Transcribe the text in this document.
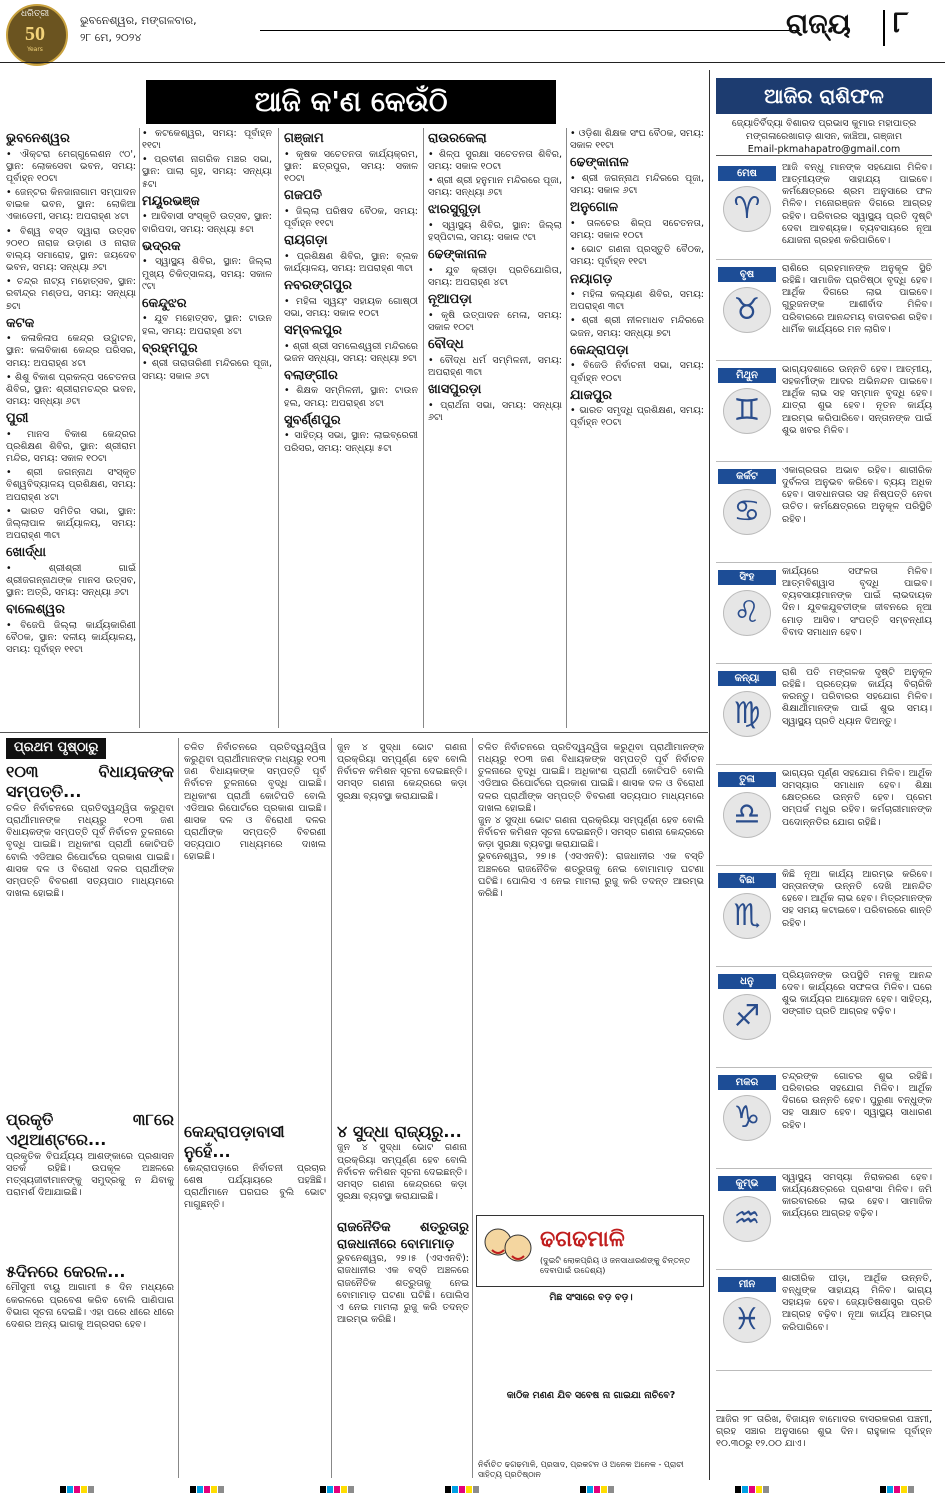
ଧରିତ୍ରୀ
50
Years
ଭୁବନେଶ୍ୱର, ମଙ୍ଗଳବାର,
୨୮ ମେ, ୨୦୨୪	ରାଜ୍ୟ ୮
ଆଜି କ'ଣ କେଉଁଠି
ଭୁବନେଶ୍ୱର
• ଐକ୍ଟରା ମେଗ୍ଗୁଲେଶନ ୯ଠ', ସ୍ଥାନ: ଲୋକସେବା ଭବନ, ସମୟ: ପୂର୍ବାହ୍ନ ୧୦ଟା
• ଜେନ୍ଟର କିନଜାନାଗାମ ସମ୍ପାଦନ ବାଇକ ଭବନ, ସ୍ଥାନ: ଲୋକିଆ ଏକାଡେମୀ, ସମୟ: ଅପରାହ୍ଣ ୪ଟା
• ବିଶ୍ୱ ବସ୍ତ ଦ୍ୱାରା ଉତ୍ସବ ୨୦୧୦ ନାରାଜ ଉଡ଼ାଣ ଓ ନାରାଜ ବାଲ୍ୟ ସମାରୋହ, ସ୍ଥାନ: ଜୟଦେବ ଭବନ, ସମୟ: ସନ୍ଧ୍ୟା ୬ଟା
• ଚନ୍ଦ୍ର ନାଟ୍ୟ ମହୋତ୍ସବ, ସ୍ଥାନ: ରବୀନ୍ଦ୍ର ମଣ୍ଡପ, ସମୟ: ସନ୍ଧ୍ୟା ୭ଟା
କଟକ
• କଳାକିଳାପ କେନ୍ଦ୍ର ଉଦ୍ଘାଟନ, ସ୍ଥାନ: କଳାବିକାଶ କେନ୍ଦ୍ର ପରିସର, ସମୟ: ଅପରାହ୍ଣ ୪ଟା
• ଶିଶୁ ବିକାଶ ପ୍ରକଳ୍ପ ସଚେତନତା ଶିବିର, ସ୍ଥାନ: ଶ୍ରୀରାମଚନ୍ଦ୍ର ଭବନ, ସମୟ: ସନ୍ଧ୍ୟା ୬ଟା
ପୁରୀ
• ମାନସ ବିକାଶ କେନ୍ଦ୍ରର ପ୍ରଶିକ୍ଷଣ ଶିବିର, ସ୍ଥାନ: ଶ୍ରୀରାମ ମନ୍ଦିର, ସମୟ: ସକାଳ ୧୦ଟା
• ଶ୍ରୀ ଜଗନ୍ନାଥ ସଂସ୍କୃତ ବିଶ୍ୱବିଦ୍ୟାଳୟ ପ୍ରଶିକ୍ଷଣ, ସମୟ: ଅପରାହ୍ଣ ୪ଟା
• ଭାରତ ସମିତିର ସଭା, ସ୍ଥାନ: ଜିଲ୍ଲାପାଳ କାର୍ଯ୍ୟାଳୟ, ସମୟ: ଅପରାହ୍ଣ ୩ଟା
ଖୋର୍ଦ୍ଧା
• ଶ୍ରୀଶ୍ରୀ ଗାଇଁ ଶ୍ରୀଜଗନ୍ନାଥଙ୍କ ମାନସ ଉତ୍ସବ, ସ୍ଥାନ: ଅତ୍ରି, ସମୟ: ସନ୍ଧ୍ୟା ୬ଟା
ବାଲେଶ୍ୱର
• ବିଜେପି ଜିଲ୍ଲା କାର୍ଯ୍ୟକାରିଣୀ ବୈଠକ, ସ୍ଥାନ: ଦଳୀୟ କାର୍ଯ୍ୟାଳୟ, ସମୟ: ପୂର୍ବାହ୍ନ ୧୧ଟା
• କଟକେଶ୍ୱର, ସମୟ: ପୂର୍ବାହ୍ନ ୧୧ଟା
• ପ୍ରବୀଣ ନାଗରିକ ମଞ୍ଚର ସଭା, ସ୍ଥାନ: ପାଲା ଗୃହ, ସମୟ: ସନ୍ଧ୍ୟା ୫ଟା
ମୟୂରଭଞ୍ଜ
• ଆଦିବାସୀ ସଂସ୍କୃତି ଉତ୍ସବ, ସ୍ଥାନ: ବାରିପଦା, ସମୟ: ସନ୍ଧ୍ୟା ୫ଟା
ଭଦ୍ରକ
• ସ୍ୱାସ୍ଥ୍ୟ ଶିବିର, ସ୍ଥାନ: ଜିଲ୍ଲା ମୁଖ୍ୟ ଚିକିତ୍ସାଳୟ, ସମୟ: ସକାଳ ୯ଟା
କେନ୍ଦୁଝର
• ଯୁବ ମହୋତ୍ସବ, ସ୍ଥାନ: ଟାଉନ ହଲ, ସମୟ: ଅପରାହ୍ଣ ୪ଟା
ବ୍ରହ୍ମପୁର
• ଶ୍ରୀ ତାରାତାରିଣୀ ମନ୍ଦିରରେ ପୂଜା, ସମୟ: ସକାଳ ୬ଟା
ଗଞ୍ଜାମ
• କୃଷକ ସଚେତନତା କାର୍ଯ୍ୟକ୍ରମ, ସ୍ଥାନ: ଛତ୍ରପୁର, ସମୟ: ସକାଳ ୧୦ଟା
ଗଜପତି
• ଜିଲ୍ଲା ପରିଷଦ ବୈଠକ, ସମୟ: ପୂର୍ବାହ୍ନ ୧୧ଟା
ରାୟଗଡ଼ା
• ପ୍ରଶିକ୍ଷଣ ଶିବିର, ସ୍ଥାନ: ବ୍ଲକ କାର୍ଯ୍ୟାଳୟ, ସମୟ: ଅପରାହ୍ଣ ୩ଟା
ନବରଙ୍ଗପୁର
• ମହିଳା ସ୍ୱୟଂ ସହାୟକ ଗୋଷ୍ଠୀ ସଭା, ସମୟ: ସକାଳ ୧୦ଟା
ସମ୍ବଲପୁର
• ଶ୍ରୀ ଶ୍ରୀ ସମଲେଶ୍ୱରୀ ମନ୍ଦିରରେ ଭଜନ ସନ୍ଧ୍ୟା, ସମୟ: ସନ୍ଧ୍ୟା ୭ଟା
ବଲାଙ୍ଗୀର
• ଶିକ୍ଷକ ସମ୍ମିଳନୀ, ସ୍ଥାନ: ଟାଉନ ହଲ, ସମୟ: ଅପରାହ୍ଣ ୪ଟା
ସୁବର୍ଣ୍ଣପୁର
• ସାହିତ୍ୟ ସଭା, ସ୍ଥାନ: ଲାଇବ୍ରେରୀ ପରିସର, ସମୟ: ସନ୍ଧ୍ୟା ୫ଟା
ରାଉରକେଲା
• ଶିଳ୍ପ ସୁରକ୍ଷା ସଚେତନତା ଶିବିର, ସମୟ: ସକାଳ ୧୦ଟା
• ଶ୍ରୀ ଶ୍ରୀ ହନୁମାନ ମନ୍ଦିରରେ ପୂଜା, ସମୟ: ସନ୍ଧ୍ୟା ୬ଟା
ଝାରସୁଗୁଡ଼ା
• ସ୍ୱାସ୍ଥ୍ୟ ଶିବିର, ସ୍ଥାନ: ଜିଲ୍ଲା ହସ୍ପିଟାଲ, ସମୟ: ସକାଳ ୯ଟା
ଢେଙ୍କାନାଳ
• ଯୁବ କ୍ରୀଡ଼ା ପ୍ରତିଯୋଗିତା, ସମୟ: ଅପରାହ୍ଣ ୪ଟା
ନୂଆପଡ଼ା
• କୃଷି ଉତ୍ପାଦନ ମେଳା, ସମୟ: ସକାଳ ୧୦ଟା
ବୌଦ୍ଧ
• ବୌଦ୍ଧ ଧର୍ମ ସମ୍ମିଳନୀ, ସମୟ: ଅପରାହ୍ଣ ୩ଟା
ଖାସପୁରଡ଼ା
• ପ୍ରାର୍ଥନା ସଭା, ସମୟ: ସନ୍ଧ୍ୟା ୬ଟା
• ଓଡ଼ିଶା ଶିକ୍ଷକ ସଂଘ ବୈଠକ, ସମୟ: ସକାଳ ୧୧ଟା
ଢେଙ୍କାନାଳ
• ଶ୍ରୀ ଜଗନ୍ନାଥ ମନ୍ଦିରରେ ପୂଜା, ସମୟ: ସକାଳ ୬ଟା
ଅନୁଗୋଳ
• ତାଳଚେର ଶିଳ୍ପ ସଚେତନତା, ସମୟ: ସକାଳ ୧୦ଟା
• ଭୋଟ ଗଣନା ପ୍ରସ୍ତୁତି ବୈଠକ, ସମୟ: ପୂର୍ବାହ୍ନ ୧୧ଟା
ନୟାଗଡ଼
• ମହିଳା କଲ୍ୟାଣ ଶିବିର, ସମୟ: ଅପରାହ୍ଣ ୩ଟା
• ଶ୍ରୀ ଶ୍ରୀ ନୀଳମାଧବ ମନ୍ଦିରରେ ଭଜନ, ସମୟ: ସନ୍ଧ୍ୟା ୭ଟା
କେନ୍ଦ୍ରାପଡ଼ା
• ବିଜେଡି ନିର୍ବାଚନୀ ସଭା, ସମୟ: ପୂର୍ବାହ୍ନ ୧୦ଟା
ଯାଜପୁର
• ଭାରତ ସମୃଦ୍ଧି ପ୍ରଶିକ୍ଷଣ, ସମୟ: ପୂର୍ବାହ୍ନ ୧୦ଟା
ପ୍ରଥମ ପୃଷ୍ଠାରୁ
୧୦୩ ବିଧାୟକଙ୍କ ସମ୍ପତ୍ତି...
ଚଳିତ ନିର୍ବାଚନରେ ପ୍ରତିଦ୍ୱନ୍ଦ୍ୱିତା କରୁଥିବା ପ୍ରାର୍ଥୀମାନଙ୍କ ମଧ୍ୟରୁ ୧୦୩ ଜଣ ବିଧାୟକଙ୍କ ସମ୍ପତ୍ତି ପୂର୍ବ ନିର୍ବାଚନ ତୁଳନାରେ ବୃଦ୍ଧି ପାଇଛି। ଅଧିକାଂଶ ପ୍ରାର୍ଥୀ କୋଟିପତି ବୋଲି ଏଡିଆର ରିପୋର୍ଟରେ ପ୍ରକାଶ ପାଇଛି। ଶାସକ ଦଳ ଓ ବିରୋଧୀ ଦଳର ପ୍ରାର୍ଥୀଙ୍କ ସମ୍ପତ୍ତି ବିବରଣୀ ସତ୍ୟପାଠ ମାଧ୍ୟମରେ ଦାଖଲ ହୋଇଛି।
ପ୍ରକୃତି ୩୮ରେ ଏଥିଆଣ୍ଟରେ...
ପ୍ରକୃତିକ ବିପର୍ଯ୍ୟୟ ଆଶଙ୍କାରେ ପ୍ରଶାସନ ସତର୍କ ରହିଛି। ଉପକୂଳ ଅଞ୍ଚଳରେ ମତ୍ସ୍ୟଜୀବୀମାନଙ୍କୁ ସମୁଦ୍ରକୁ ନ ଯିବାକୁ ପରାମର୍ଶ ଦିଆଯାଇଛି।
୫ଦିନରେ କେରଳ...
ମୌସୁମୀ ବାୟୁ ଆଗାମୀ ୫ ଦିନ ମଧ୍ୟରେ କେରଳରେ ପ୍ରବେଶ କରିବ ବୋଲି ପାଣିପାଗ ବିଭାଗ ସୂଚନା ଦେଇଛି। ଏହା ପରେ ଧୀରେ ଧୀରେ ଦେଶର ଅନ୍ୟ ଭାଗକୁ ଅଗ୍ରସର ହେବ।
ଚଳିତ ନିର୍ବାଚନରେ ପ୍ରତିଦ୍ୱନ୍ଦ୍ୱିତା କରୁଥିବା ପ୍ରାର୍ଥୀମାନଙ୍କ ମଧ୍ୟରୁ ୧୦୩ ଜଣ ବିଧାୟକଙ୍କ ସମ୍ପତ୍ତି ପୂର୍ବ ନିର୍ବାଚନ ତୁଳନାରେ ବୃଦ୍ଧି ପାଇଛି। ଅଧିକାଂଶ ପ୍ରାର୍ଥୀ କୋଟିପତି ବୋଲି ଏଡିଆର ରିପୋର୍ଟରେ ପ୍ରକାଶ ପାଇଛି। ଶାସକ ଦଳ ଓ ବିରୋଧୀ ଦଳର ପ୍ରାର୍ଥୀଙ୍କ ସମ୍ପତ୍ତି ବିବରଣୀ ସତ୍ୟପାଠ ମାଧ୍ୟମରେ ଦାଖଲ ହୋଇଛି।
କେନ୍ଦ୍ରାପଡ଼ାବାସୀ ନୁହେଁ...
କେନ୍ଦ୍ରାପଡ଼ାରେ ନିର୍ବାଚନୀ ପ୍ରଚାର ଶେଷ ପର୍ଯ୍ୟାୟରେ ପହଞ୍ଚିଛି। ପ୍ରାର୍ଥୀମାନେ ଘରଘର ବୁଲି ଭୋଟ ମାଗୁଛନ୍ତି।
ଜୁନ ୪ ସୁଦ୍ଧା ଭୋଟ ଗଣନା ପ୍ରକ୍ରିୟା ସମ୍ପୂର୍ଣ୍ଣ ହେବ ବୋଲି ନିର୍ବାଚନ କମିଶନ ସୂଚନା ଦେଇଛନ୍ତି। ସମସ୍ତ ଗଣନା କେନ୍ଦ୍ରରେ କଡ଼ା ସୁରକ୍ଷା ବ୍ୟବସ୍ଥା କରାଯାଇଛି।
୪ ସୁଦ୍ଧା ରାଜ୍ୟରୁ...
ଜୁନ ୪ ସୁଦ୍ଧା ଭୋଟ ଗଣନା ପ୍ରକ୍ରିୟା ସମ୍ପୂର୍ଣ୍ଣ ହେବ ବୋଲି ନିର୍ବାଚନ କମିଶନ ସୂଚନା ଦେଇଛନ୍ତି। ସମସ୍ତ ଗଣନା କେନ୍ଦ୍ରରେ କଡ଼ା ସୁରକ୍ଷା ବ୍ୟବସ୍ଥା କରାଯାଇଛି।
ରାଜନୈତିକ ଶତ୍ରୁତାରୁ ରାଜଧାନୀରେ ବୋମାମାଡ଼
ଭୁବନେଶ୍ୱର, ୨୭।୫ (ଏସଏନବି): ରାଜଧାନୀର ଏକ ବସ୍ତି ଅଞ୍ଚଳରେ ରାଜନୈତିକ ଶତ୍ରୁତାକୁ ନେଇ ବୋମାମାଡ଼ ଘଟଣା ଘଟିଛି। ପୋଲିସ ଏ ନେଇ ମାମଲା ରୁଜୁ କରି ତଦନ୍ତ ଆରମ୍ଭ କରିଛି।
ଚଳିତ ନିର୍ବାଚନରେ ପ୍ରତିଦ୍ୱନ୍ଦ୍ୱିତା କରୁଥିବା ପ୍ରାର୍ଥୀମାନଙ୍କ ମଧ୍ୟରୁ ୧୦୩ ଜଣ ବିଧାୟକଙ୍କ ସମ୍ପତ୍ତି ପୂର୍ବ ନିର୍ବାଚନ ତୁଳନାରେ ବୃଦ୍ଧି ପାଇଛି। ଅଧିକାଂଶ ପ୍ରାର୍ଥୀ କୋଟିପତି ବୋଲି ଏଡିଆର ରିପୋର୍ଟରେ ପ୍ରକାଶ ପାଇଛି। ଶାସକ ଦଳ ଓ ବିରୋଧୀ ଦଳର ପ୍ରାର୍ଥୀଙ୍କ ସମ୍ପତ୍ତି ବିବରଣୀ ସତ୍ୟପାଠ ମାଧ୍ୟମରେ ଦାଖଲ ହୋଇଛି।
ଜୁନ ୪ ସୁଦ୍ଧା ଭୋଟ ଗଣନା ପ୍ରକ୍ରିୟା ସମ୍ପୂର୍ଣ୍ଣ ହେବ ବୋଲି ନିର୍ବାଚନ କମିଶନ ସୂଚନା ଦେଇଛନ୍ତି। ସମସ୍ତ ଗଣନା କେନ୍ଦ୍ରରେ କଡ଼ା ସୁରକ୍ଷା ବ୍ୟବସ୍ଥା କରାଯାଇଛି।
ଭୁବନେଶ୍ୱର, ୨୭।୫ (ଏସଏନବି): ରାଜଧାନୀର ଏକ ବସ୍ତି ଅଞ୍ଚଳରେ ରାଜନୈତିକ ଶତ୍ରୁତାକୁ ନେଇ ବୋମାମାଡ଼ ଘଟଣା ଘଟିଛି। ପୋଲିସ ଏ ନେଇ ମାମଲା ରୁଜୁ କରି ତଦନ୍ତ ଆରମ୍ଭ କରିଛି।
ଢଗଢମାଳି
(ଦୁଇଟି ଲୋକପ୍ରିୟ ଓ ଜନସାଧାରଣଙ୍କୁ ଚିନ୍ତନ୍ତ ଦେବାପାଇଁ ଉଦ୍ଦେଶ୍ୟ)
ମିଛ ସଂସାରେ ବଡ଼ ବଡ଼।
କାଠିକ ମଣଣ ଯିବ ସବେଷ ନା ଗାଇଯା ନାଚିବେ?
ନିର୍ବାଚିତ ଢଗଢମାଳି, ପ୍ରସାଦ, ପ୍ରକଟନ ଓ ଅନେକ ଅନେକ - ପ୍ରାଚୀ ସାହିତ୍ୟ ପ୍ରତିଷ୍ଠାନ
ଆଜିର ରାଶିଫଳ
ଜ୍ୟୋତିର୍ବିଦ୍ୟା ବିଶାରଦ ପ୍ରଭାସ କୁମାର ମହାପାତ୍ର
ମଙ୍ଗଳାରେଖାଗଡ଼ ଶାସନ, କାଞ୍ଚିଆ, ଗଞ୍ଜାମ
Email-pkmahapatro@gmail.com
ମେଷ
♈
ଆଜି ବନ୍ଧୁ ମାନଙ୍କ ସହଯୋଗ ମିଳିବ। ଆତ୍ମୀୟଙ୍କ ସାହାଯ୍ୟ ପାଇବେ। କର୍ମକ୍ଷେତ୍ରରେ ଶ୍ରମ ଅନୁସାରେ ଫଳ ମିଳିବ। ମନୋରଞ୍ଜନ ଦିଗରେ ଆଗ୍ରହ ରହିବ। ପରିବାରର ସ୍ୱାସ୍ଥ୍ୟ ପ୍ରତି ଦୃଷ୍ଟି ଦେବା ଆବଶ୍ୟକ। ବ୍ୟବସାୟରେ ନୂଆ ଯୋଜନା ଗ୍ରହଣ କରିପାରିବେ।
ବୃଷ
♉
ରାଶିରେ ଗ୍ରହମାନଙ୍କ ଅନୁକୂଳ ସ୍ଥିତି ରହିଛି। ସାମାଜିକ ପ୍ରତିଷ୍ଠା ବୃଦ୍ଧି ହେବ। ଆର୍ଥିକ ଦିଗରେ ଲାଭ ପାଇବେ। ଗୁରୁଜନଙ୍କ ଆଶୀର୍ବାଦ ମିଳିବ। ପରିବାରରେ ଆନନ୍ଦମୟ ବାତାବରଣ ରହିବ। ଧାର୍ମିକ କାର୍ଯ୍ୟରେ ମନ ଲାଗିବ।
ମିଥୁନ
♊
ଭାଗ୍ୟଦଶାରେ ଉନ୍ନତି ହେବ। ଆତ୍ମୀୟ, ସହକର୍ମୀଙ୍କ ଆଦର ଅଭିନନ୍ଦନ ପାଇବେ। ଆର୍ଥିକ ଲାଭ ସହ ସମ୍ମାନ ବୃଦ୍ଧି ହେବ। ଯାତ୍ରା ଶୁଭ ହେବ। ନୂତନ କାର୍ଯ୍ୟ ଆରମ୍ଭ କରିପାରିବେ। ସନ୍ତାନଙ୍କ ପାଇଁ ଶୁଭ ଖବର ମିଳିବ।
କର୍କଟ
♋
ଏକାଗ୍ରତାର ଅଭାବ ରହିବ। ଶାରୀରିକ ଦୁର୍ବଳତା ଅନୁଭବ କରିବେ। ବ୍ୟୟ ଅଧିକ ହେବ। ସାବଧାନତାର ସହ ନିଷ୍ପତ୍ତି ନେବା ଉଚିତ। କର୍ମକ୍ଷେତ୍ରରେ ଅନୁକୂଳ ପରିସ୍ଥିତି ରହିବ।
ସିଂହ
♌
କାର୍ଯ୍ୟରେ ସଫଳତା ମିଳିବ। ଆତ୍ମବିଶ୍ୱାସ ବୃଦ୍ଧି ପାଇବ। ବ୍ୟବସାୟୀମାନଙ୍କ ପାଇଁ ଲାଭଦାୟକ ଦିନ। ଯୁବକଯୁବତୀଙ୍କ ଜୀବନରେ ନୂଆ ମୋଡ଼ ଆସିବ। ସଂପତ୍ତି ସମ୍ବନ୍ଧୀୟ ବିବାଦ ସମାଧାନ ହେବ।
କନ୍ୟା
♍
ରାଶି ପତି ମଙ୍ଗଳକ ଦୃଷ୍ଟି ଅନୁକୂଳ ରହିଛି। ପ୍ରତ୍ୟେକ କାର୍ଯ୍ୟ ବିଚାରିକି କରନ୍ତୁ। ପରିବାରର ସହଯୋଗ ମିଳିବ। ଶିକ୍ଷାର୍ଥୀମାନଙ୍କ ପାଇଁ ଶୁଭ ସମୟ। ସ୍ୱାସ୍ଥ୍ୟ ପ୍ରତି ଧ୍ୟାନ ଦିଅନ୍ତୁ।
ତୁଳା
♎
ଭାଗ୍ୟର ପୂର୍ଣ୍ଣ ସହଯୋଗ ମିଳିବ। ଆର୍ଥିକ ସମସ୍ୟାର ସମାଧାନ ହେବ। ଶିକ୍ଷା କ୍ଷେତ୍ରରେ ଉନ୍ନତି ହେବ। ପ୍ରେମ ସମ୍ପର୍କ ମଧୁର ରହିବ। କର୍ମଚାରୀମାନଙ୍କ ପଦୋନ୍ନତିର ଯୋଗ ରହିଛି।
ବିଛା
♏
କିଛି ନୂଆ କାର୍ଯ୍ୟ ଆରମ୍ଭ କରିବେ। ସନ୍ତାନଙ୍କ ଉନ୍ନତି ଦେଖି ଆନନ୍ଦିତ ହେବେ। ଆର୍ଥିକ ଲାଭ ହେବ। ମିତ୍ରମାନଙ୍କ ସହ ସମୟ କଟାଇବେ। ପରିବାରରେ ଶାନ୍ତି ରହିବ।
ଧନୁ
♐
ପ୍ରିୟଜନଙ୍କ ଉପସ୍ଥିତି ମନକୁ ଆନନ୍ଦ ଦେବ। କାର୍ଯ୍ୟରେ ସଫଳତା ମିଳିବ। ଘରେ ଶୁଭ କାର୍ଯ୍ୟର ଆୟୋଜନ ହେବ। ସାହିତ୍ୟ, ସଙ୍ଗୀତ ପ୍ରତି ଆଗ୍ରହ ବଢ଼ିବ।
ମକର
♑
ଚନ୍ଦ୍ରଙ୍କ ଗୋଚର ଶୁଭ ରହିଛି। ପରିବାରର ସହଯୋଗ ମିଳିବ। ଆର୍ଥିକ ଦିଗରେ ଉନ୍ନତି ହେବ। ପୁରୁଣା ବନ୍ଧୁଙ୍କ ସହ ସାକ୍ଷାତ ହେବ। ସ୍ୱାସ୍ଥ୍ୟ ସାଧାରଣ ରହିବ।
କୁମ୍ଭ
♒
ସ୍ୱାସ୍ଥ୍ୟ ସମସ୍ୟା ନିରାକରଣ ହେବ। କାର୍ଯ୍ୟକ୍ଷେତ୍ରରେ ପ୍ରଶଂସା ମିଳିବ। ଜମି କାରବାରରେ ଲାଭ ହେବ। ସାମାଜିକ କାର୍ଯ୍ୟରେ ଆଗ୍ରହ ବଢ଼ିବ।
ମୀନ
♓
ଶାରୀରିକ ପୀଡ଼ା, ଆର୍ଥିକ ଉନ୍ନତି, ବନ୍ଧୁଙ୍କ ସାହାଯ୍ୟ ମିଳିବ। ଭାଗ୍ୟ ସହାୟକ ହେବ। ଜ୍ୟୋତିଷଶାସ୍ତ୍ର ପ୍ରତି ଆଗ୍ରହ ବଢ଼ିବ। ନୂଆ କାର୍ଯ୍ୟ ଆରମ୍ଭ କରିପାରିବେ।
ଆଜିର ୨୮ ତାରିଖ, ବିଜାୟନ ବାମୋଦର ବାସରକରଣ ପଞ୍ଚମୀ, ଗ୍ରହ ସଞ୍ଚାର ଅନୁସାରେ ଶୁଭ ଦିନ। ରାହୁକାଳ ପୂର୍ବାହ୍ନ ୧୦.୩୦ରୁ ୧୨.୦୦ ଯାଏ।
